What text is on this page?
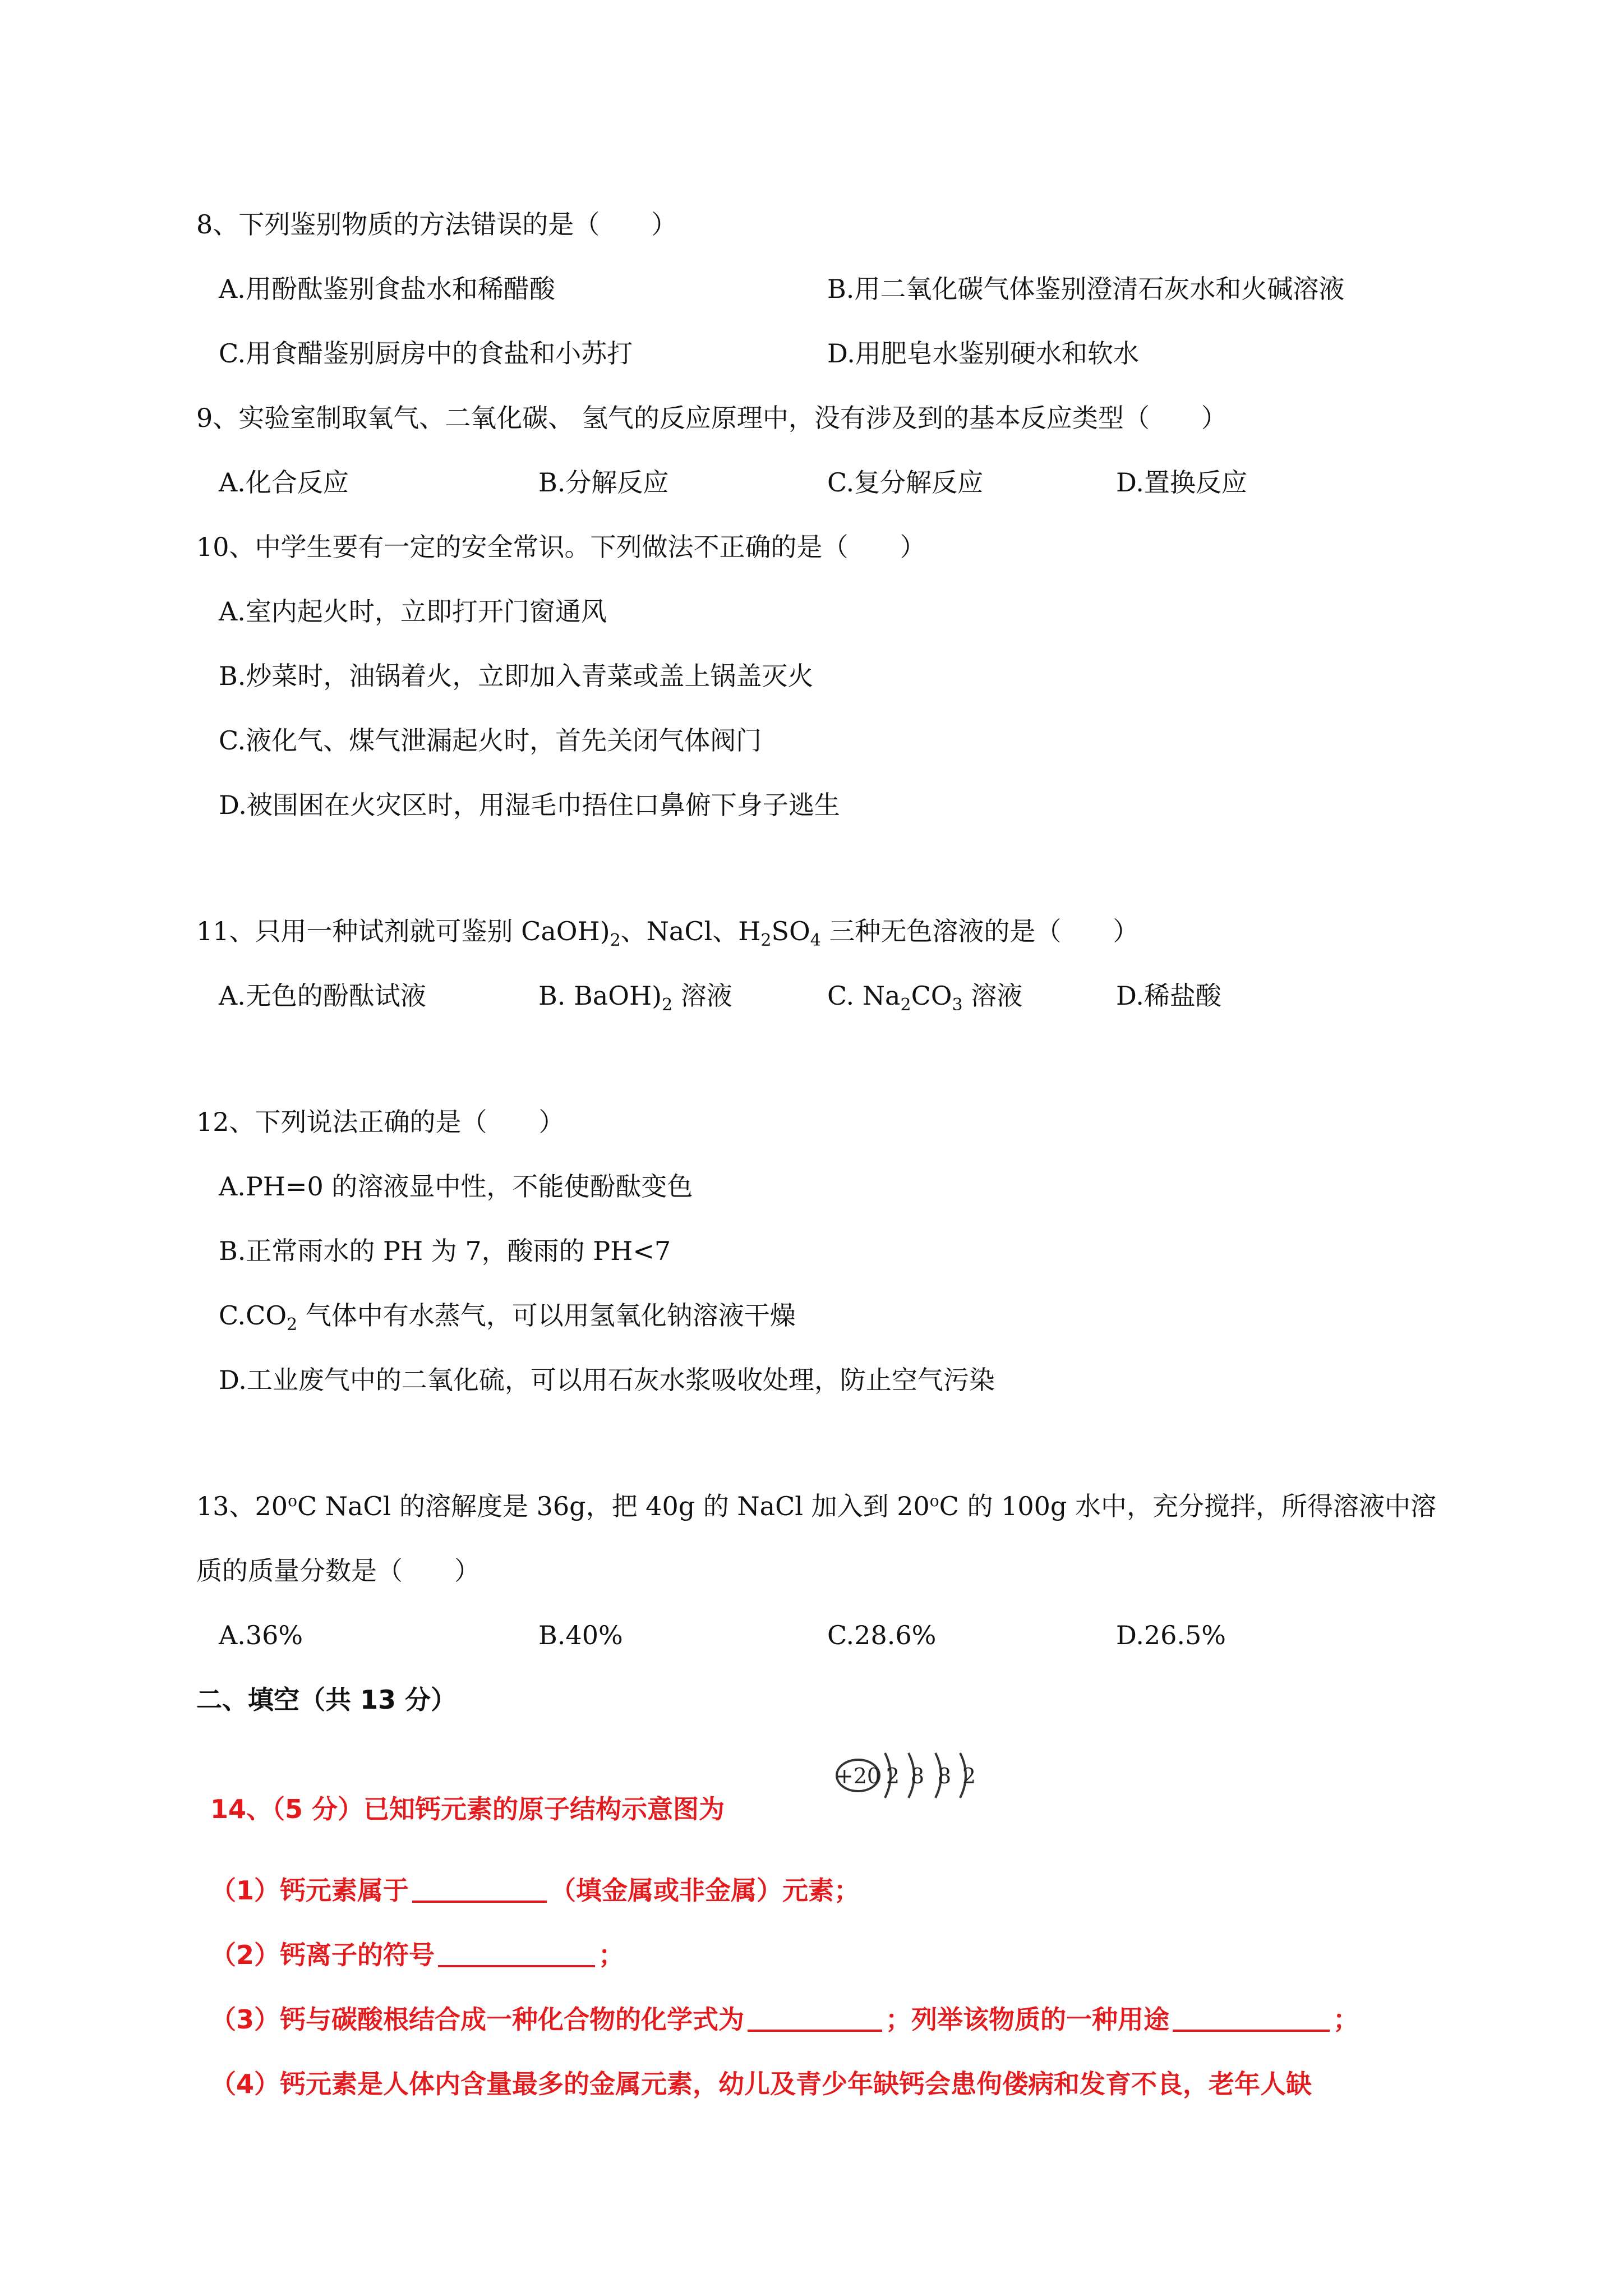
8、下列鉴别物质的方法错误的是（　　）
A.用酚酞鉴别食盐水和稀醋酸	B.用二氧化碳气体鉴别澄清石灰水和火碱溶液
C.用食醋鉴别厨房中的食盐和小苏打	D.用肥皂水鉴别硬水和软水
9、实验室制取氧气、二氧化碳、 氢气的反应原理中，没有涉及到的基本反应类型（　　）
A.化合反应	B.分解反应	C.复分解反应	D.置换反应
10、中学生要有一定的安全常识。下列做法不正确的是（　　）
A.室内起火时，立即打开门窗通风
B.炒菜时，油锅着火，立即加入青菜或盖上锅盖灭火
C.液化气、煤气泄漏起火时，首先关闭气体阀门
D.被围困在火灾区时，用湿毛巾捂住口鼻俯下身子逃生
11、只用一种试剂就可鉴别 $CaOH)_2$、NaCl、$H_2SO_4$ 三种无色溶液的是（　　）
A.无色的酚酞试液	B. $BaOH)_2$ 溶液	C. $Na_2CO_3$ 溶液	D.稀盐酸
12、下列说法正确的是（　　）
A.PH=0 的溶液显中性，不能使酚酞变色
B.正常雨水的 PH 为 7，酸雨的 PH<7
$C.CO_2$ 气体中有水蒸气，可以用氢氧化钠溶液干燥
D.工业废气中的二氧化硫，可以用石灰水浆吸收处理，防止空气污染
13、20$^o$C NaCl 的溶解度是 36g，把 40g 的 NaCl 加入到 20$^o$C 的 100g 水中，充分搅拌，所得溶液中溶
质的质量分数是（　　）
A.36%	B.40%	C.28.6%	D.26.5%
二、填空（共 13 分）
+20 2 8 8 2
14、（5 分）已知钙元素的原子结构示意图为
（1）钙元素属于	（填金属或非金属）元素；
（2）钙离子的符号	；
（3）钙与碳酸根结合成一种化合物的化学式为	；列举该物质的一种用途	；
（4）钙元素是人体内含量最多的金属元素，幼儿及青少年缺钙会患佝偻病和发育不良，老年人缺
